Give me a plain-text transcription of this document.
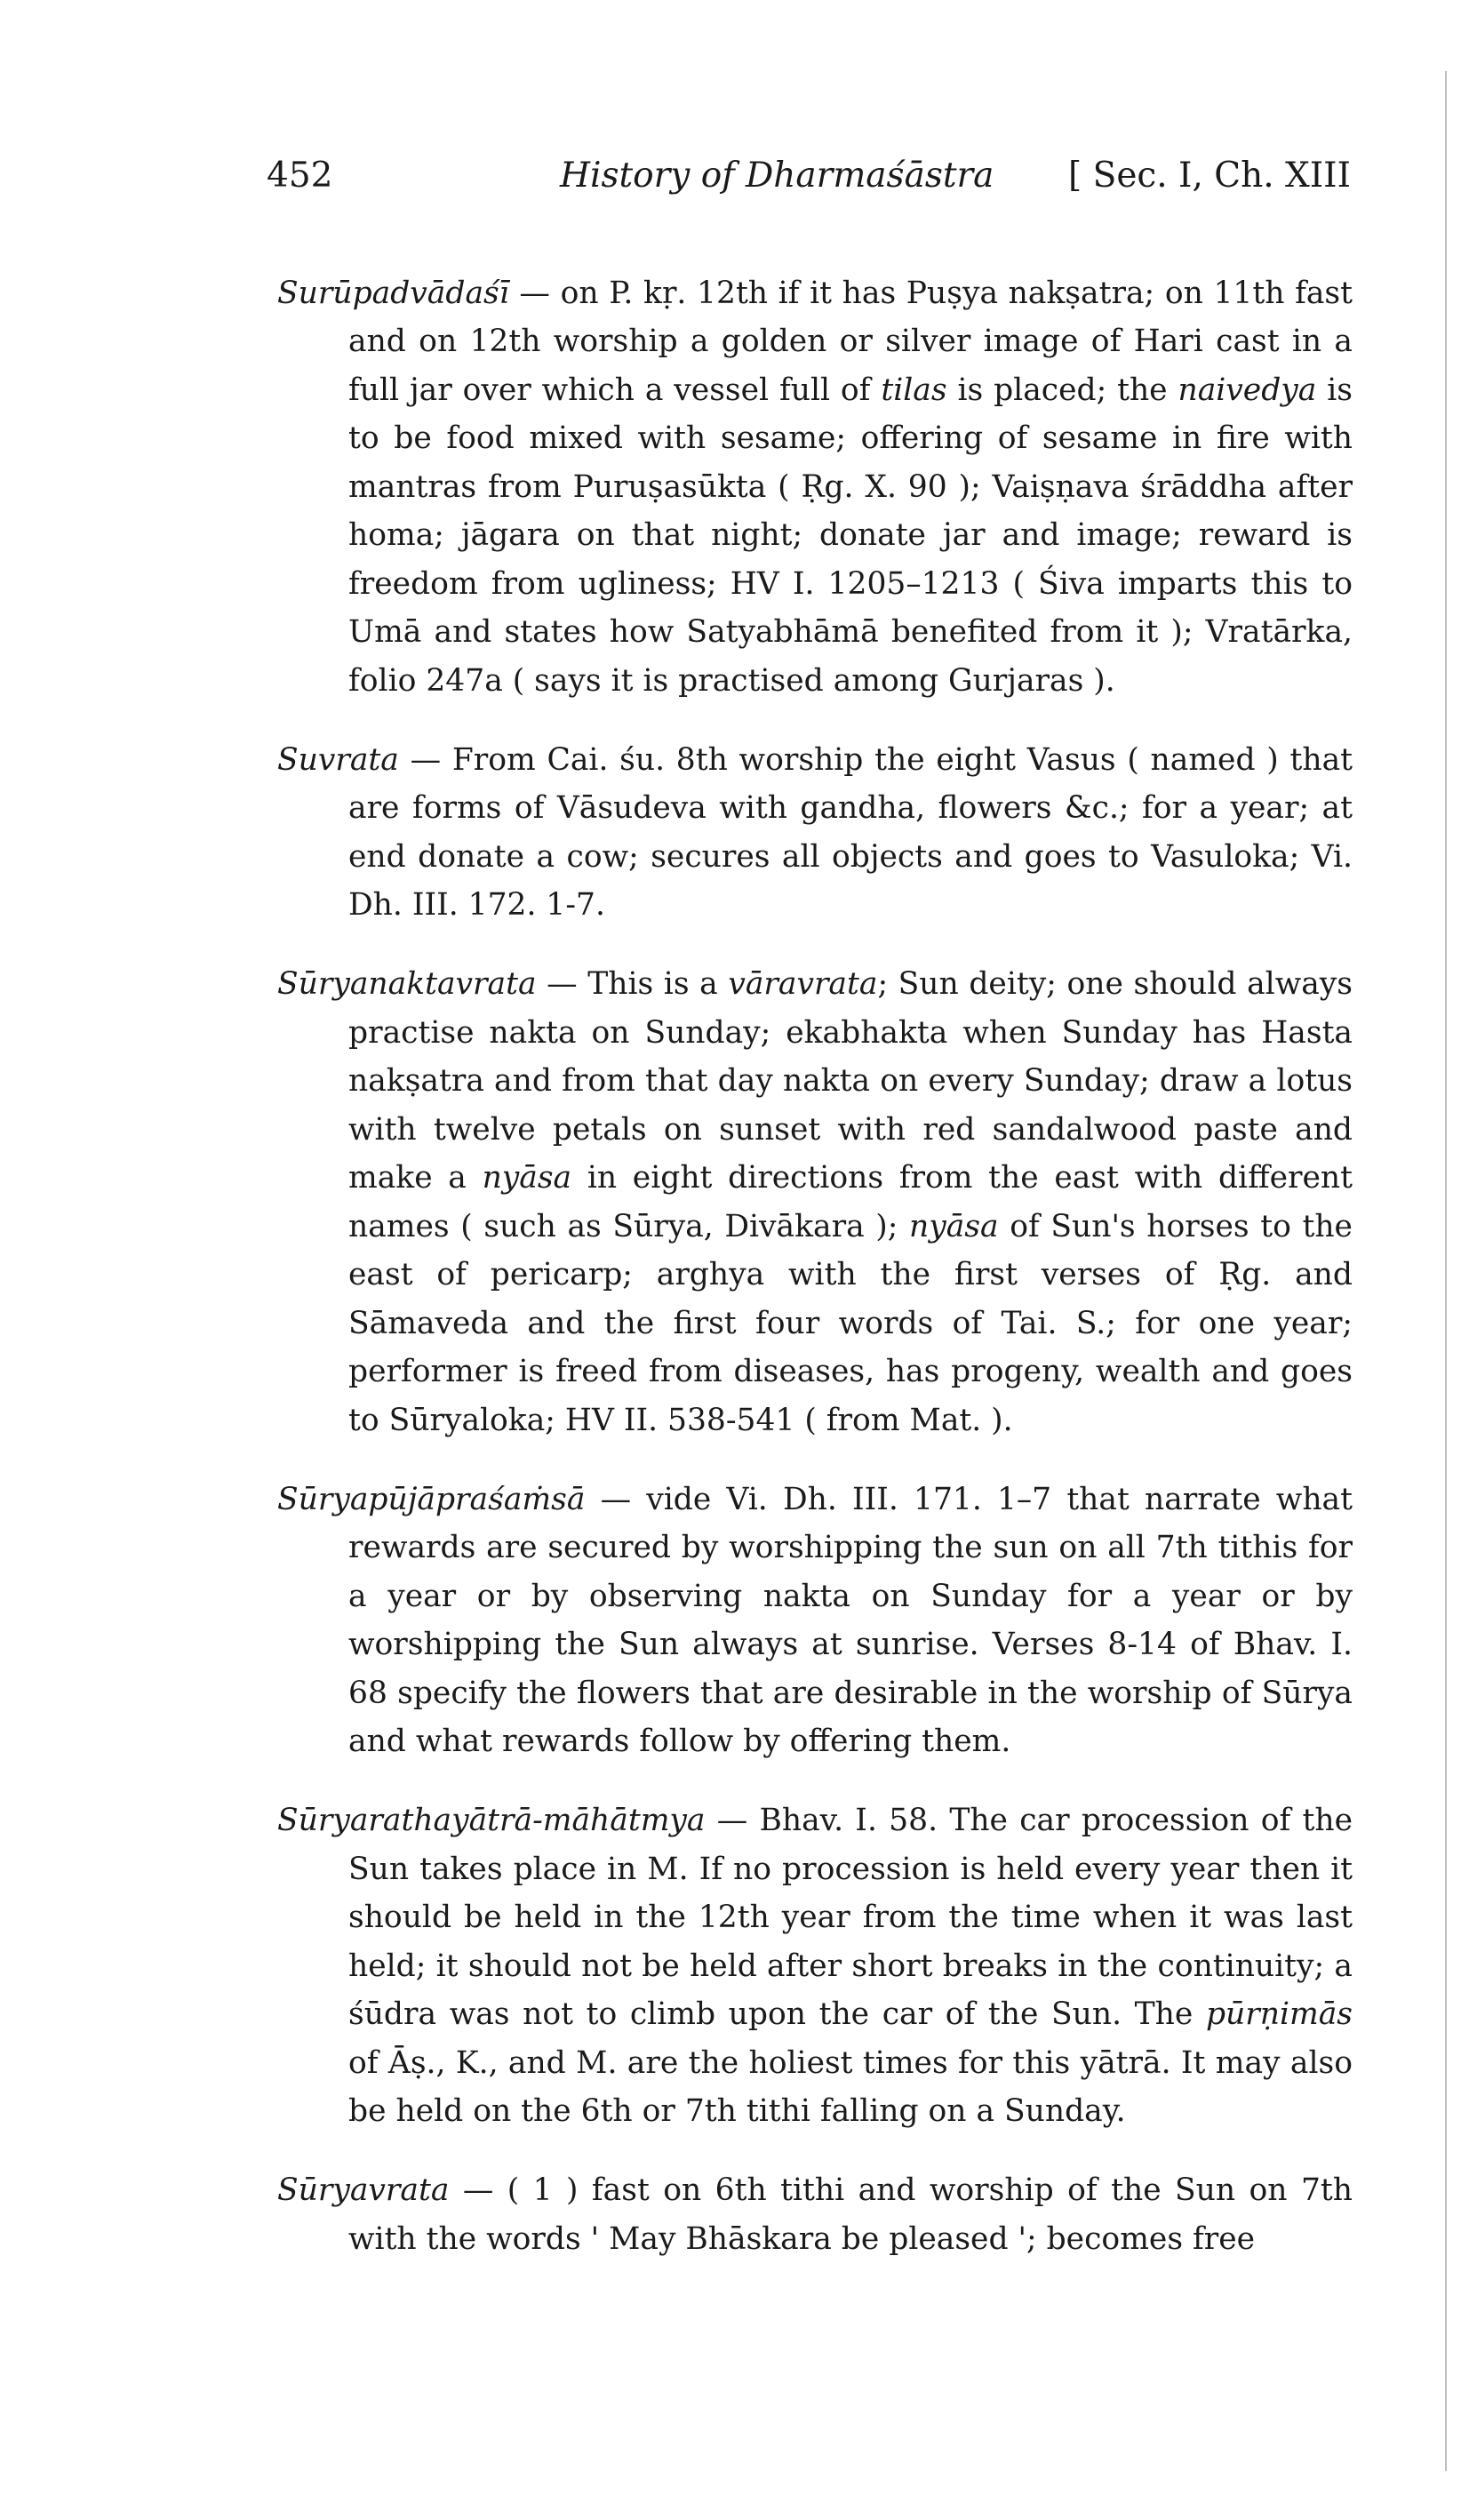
452	History of Dharmaśāstra [ Sec. I, Ch. XIII

Surūpadvādaśī — on P. kṛ. 12th if it has Puṣya nakṣatra; on 11th fast and on 12th worship a golden or silver image of Hari cast in a full jar over which a vessel full of tilas is placed; the naivedya is to be food mixed with sesame; offering of sesame in fire with mantras from Puruṣasūkta ( Ṛg. X. 90 ); Vaiṣṇava śrāddha after homa; jāgara on that night; donate jar and image; reward is freedom from ugliness; HV I. 1205–1213 ( Śiva imparts this to Umā and states how Satyabhāmā benefited from it ); Vratārka, folio 247a ( says it is practised among Gurjaras ).

Suvrata — From Cai. śu. 8th worship the eight Vasus ( named ) that are forms of Vāsudeva with gandha, flowers &c.; for a year; at end donate a cow; secures all objects and goes to Vasuloka; Vi. Dh. III. 172. 1-7.

Sūryanaktavrata — This is a vāravrata; Sun deity; one should always practise nakta on Sunday; ekabhakta when Sunday has Hasta nakṣatra and from that day nakta on every Sunday; draw a lotus with twelve petals on sunset with red sandalwood paste and make a nyāsa in eight directions from the east with different names ( such as Sūrya, Divākara ); nyāsa of Sun's horses to the east of pericarp; arghya with the first verses of Ṛg. and Sāmaveda and the first four words of Tai. S.; for one year; performer is freed from diseases, has progeny, wealth and goes to Sūryaloka; HV II. 538-541 ( from Mat. ).

Sūryapūjāpraśaṁsā — vide Vi. Dh. III. 171. 1–7 that narrate what rewards are secured by worshipping the sun on all 7th tithis for a year or by observing nakta on Sunday for a year or by worshipping the Sun always at sunrise. Verses 8-14 of Bhav. I. 68 specify the flowers that are desirable in the worship of Sūrya and what rewards follow by offering them.

Sūryarathayātrā-māhātmya — Bhav. I. 58. The car procession of the Sun takes place in M. If no procession is held every year then it should be held in the 12th year from the time when it was last held; it should not be held after short breaks in the continuity; a śūdra was not to climb upon the car of the Sun. The pūrṇimās of Āṣ., K., and M. are the holiest times for this yātrā. It may also be held on the 6th or 7th tithi falling on a Sunday.

Sūryavrata — ( 1 ) fast on 6th tithi and worship of the Sun on 7th with the words ' May Bhāskara be pleased '; becomes free
